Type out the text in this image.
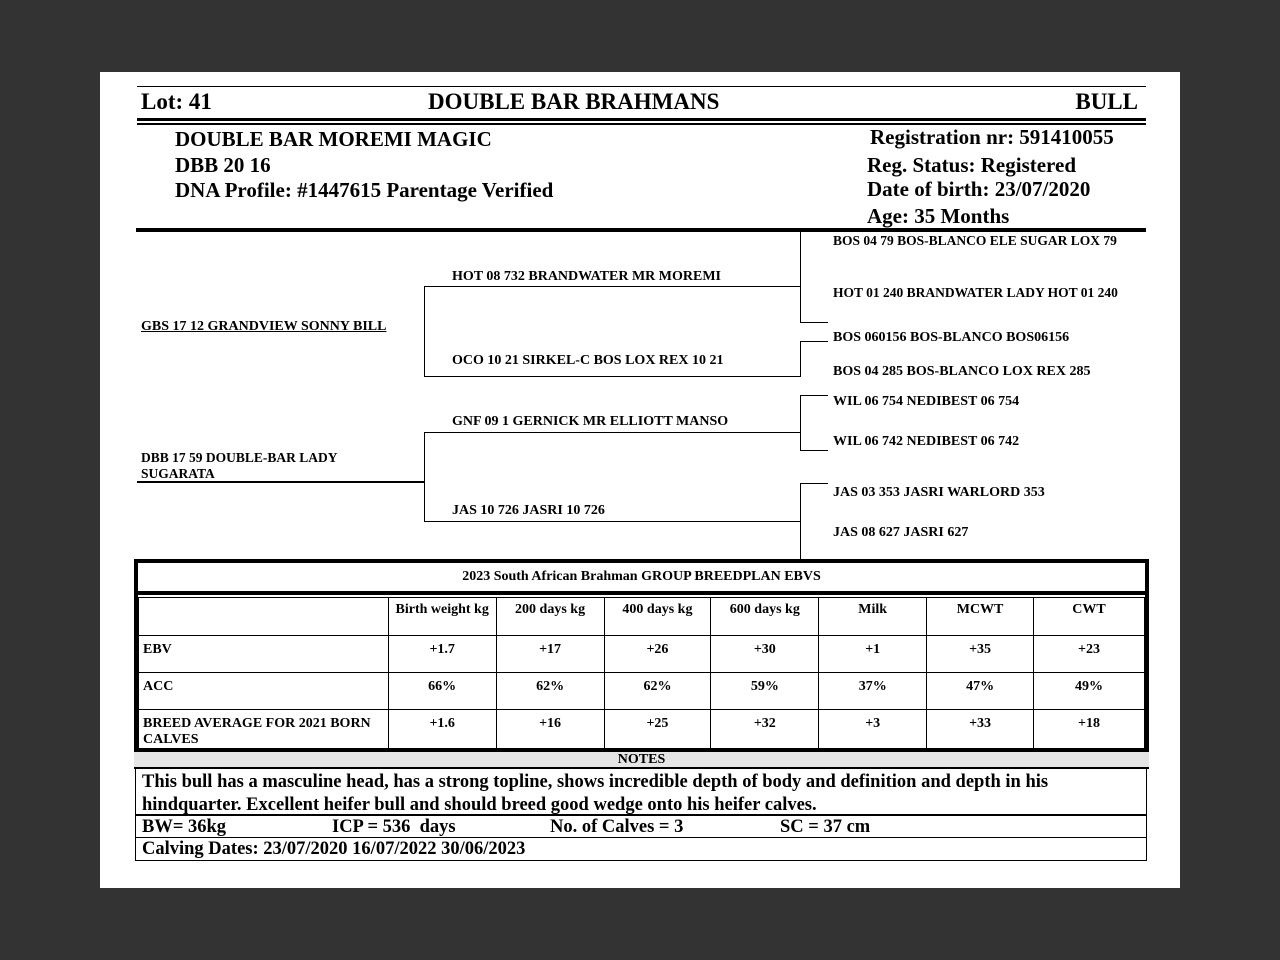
Lot: 41	DOUBLE BAR BRAHMANS	BULL
DOUBLE BAR MOREMI MAGIC
DBB 20 16
DNA Profile: #1447615 Parentage Verified
Registration nr: 591410055
Reg. Status: Registered
Date of birth: 23/07/2020
Age: 35 Months
GBS 17 12 GRANDVIEW SONNY BILL
DBB 17 59 DOUBLE-BAR LADY SUGARATA
HOT 08 732 BRANDWATER MR MOREMI
OCO 10 21 SIRKEL-C BOS LOX REX 10 21
GNF 09 1 GERNICK MR ELLIOTT MANSO
JAS 10 726 JASRI 10 726
BOS 04 79 BOS-BLANCO ELE SUGAR LOX 79
HOT 01 240 BRANDWATER LADY HOT 01 240
BOS 060156 BOS-BLANCO BOS06156
BOS 04 285 BOS-BLANCO LOX REX 285
WIL 06 754 NEDIBEST 06 754
WIL 06 742 NEDIBEST 06 742
JAS 03 353 JASRI WARLORD 353
JAS 08 627 JASRI 627
2023 South African Brahman GROUP BREEDPLAN EBVS
	Birth weight kg	200 days kg	400 days kg	600 days kg	Milk	MCWT	CWT
EBV	+1.7	+17	+26	+30	+1	+35	+23
ACC	66%	62%	62%	59%	37%	47%	49%
BREED AVERAGE FOR 2021 BORN CALVES	+1.6	+16	+25	+32	+3	+33	+18
NOTES
This bull has a masculine head, has a strong topline, shows incredible depth of body and definition and depth in his hindquarter. Excellent heifer bull and should breed good wedge onto his heifer calves.
BW= 36kg	ICP = 536  days	No. of Calves = 3	SC = 37 cm
Calving Dates: 23/07/2020 16/07/2022 30/06/2023
